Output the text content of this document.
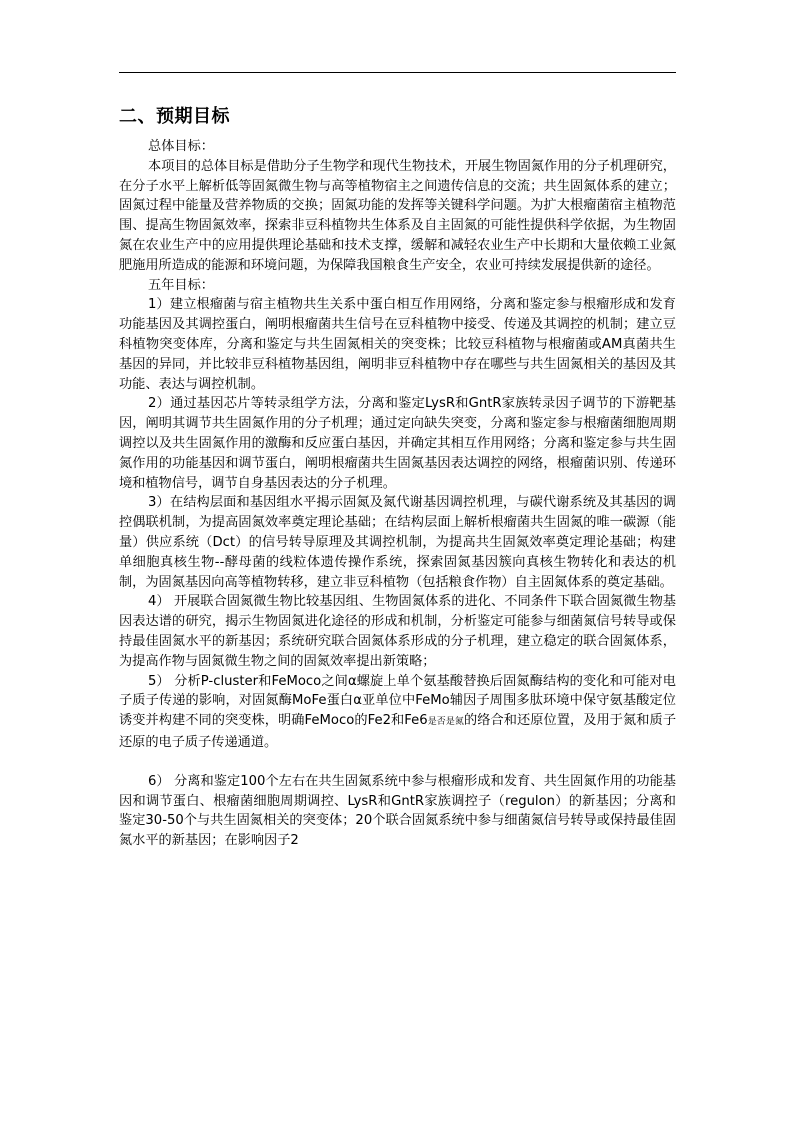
二、预期目标

总体目标：

本项目的总体目标是借助分子生物学和现代生物技术，开展生物固氮作用的分子机理研究，在分子水平上解析低等固氮微生物与高等植物宿主之间遗传信息的交流；共生固氮体系的建立；固氮过程中能量及营养物质的交换；固氮功能的发挥等关键科学问题。为扩大根瘤菌宿主植物范围、提高生物固氮效率，探索非豆科植物共生体系及自主固氮的可能性提供科学依据，为生物固氮在农业生产中的应用提供理论基础和技术支撑，缓解和减轻农业生产中长期和大量依赖工业氮肥施用所造成的能源和环境问题，为保障我国粮食生产安全，农业可持续发展提供新的途径。

五年目标：

1）建立根瘤菌与宿主植物共生关系中蛋白相互作用网络，分离和鉴定参与根瘤形成和发育功能基因及其调控蛋白，阐明根瘤菌共生信号在豆科植物中接受、传递及其调控的机制；建立豆科植物突变体库，分离和鉴定与共生固氮相关的突变株；比较豆科植物与根瘤菌或AM真菌共生基因的异同，并比较非豆科植物基因组，阐明非豆科植物中存在哪些与共生固氮相关的基因及其功能、表达与调控机制。

2）通过基因芯片等转录组学方法，分离和鉴定LysR和GntR家族转录因子调节的下游靶基因，阐明其调节共生固氮作用的分子机理；通过定向缺失突变，分离和鉴定参与根瘤菌细胞周期调控以及共生固氮作用的激酶和反应蛋白基因，并确定其相互作用网络；分离和鉴定参与共生固氮作用的功能基因和调节蛋白，阐明根瘤菌共生固氮基因表达调控的网络，根瘤菌识别、传递环境和植物信号，调节自身基因表达的分子机理。

3）在结构层面和基因组水平揭示固氮及氮代谢基因调控机理，与碳代谢系统及其基因的调控偶联机制，为提高固氮效率奠定理论基础；在结构层面上解析根瘤菌共生固氮的唯一碳源（能量）供应系统（Dct）的信号转导原理及其调控机制，为提高共生固氮效率奠定理论基础；构建单细胞真核生物--酵母菌的线粒体遗传操作系统，探索固氮基因簇向真核生物转化和表达的机制，为固氮基因向高等植物转移，建立非豆科植物（包括粮食作物）自主固氮体系的奠定基础。

4） 开展联合固氮微生物比较基因组、生物固氮体系的进化、不同条件下联合固氮微生物基因表达谱的研究，揭示生物固氮进化途径的形成和机制，分析鉴定可能参与细菌氮信号转导或保持最佳固氮水平的新基因；系统研究联合固氮体系形成的分子机理，建立稳定的联合固氮体系，为提高作物与固氮微生物之间的固氮效率提出新策略；

5） 分析P-cluster和FeMoco之间α螺旋上单个氨基酸替换后固氮酶结构的变化和可能对电子质子传递的影响，对固氮酶MoFe蛋白α亚单位中FeMo辅因子周围多肽环境中保守氨基酸定位诱变并构建不同的突变株，明确FeMoco的Fe2和Fe6是否是氮的络合和还原位置，及用于氮和质子还原的电子质子传递通道。

6） 分离和鉴定100个左右在共生固氮系统中参与根瘤形成和发育、共生固氮作用的功能基因和调节蛋白、根瘤菌细胞周期调控、LysR和GntR家族调控子（regulon）的新基因；分离和鉴定30-50个与共生固氮相关的突变体；20个联合固氮系统中参与细菌氮信号转导或保持最佳固氮水平的新基因；在影响因子2
